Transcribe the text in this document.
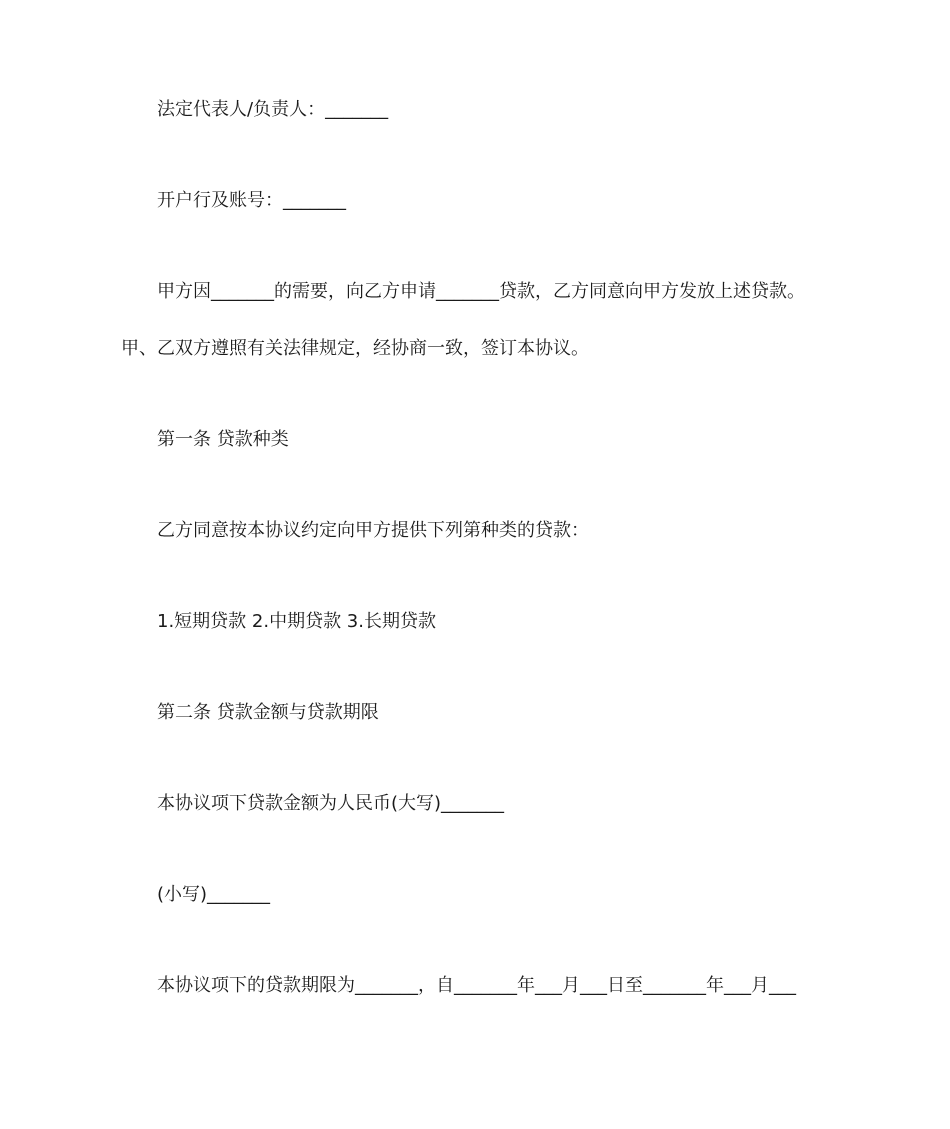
法定代表人/负责人：_______
开户行及账号：_______
甲方因_______的需要，向乙方申请_______贷款，乙方同意向甲方发放上述贷款。
甲、乙双方遵照有关法律规定，经协商一致，签订本协议。
第一条 贷款种类
乙方同意按本协议约定向甲方提供下列第种类的贷款：
1.短期贷款 2.中期贷款 3.长期贷款
第二条 贷款金额与贷款期限
本协议项下贷款金额为人民币(大写)_______
(小写)_______
本协议项下的贷款期限为_______，自_______年___月___日至_______年___月___
